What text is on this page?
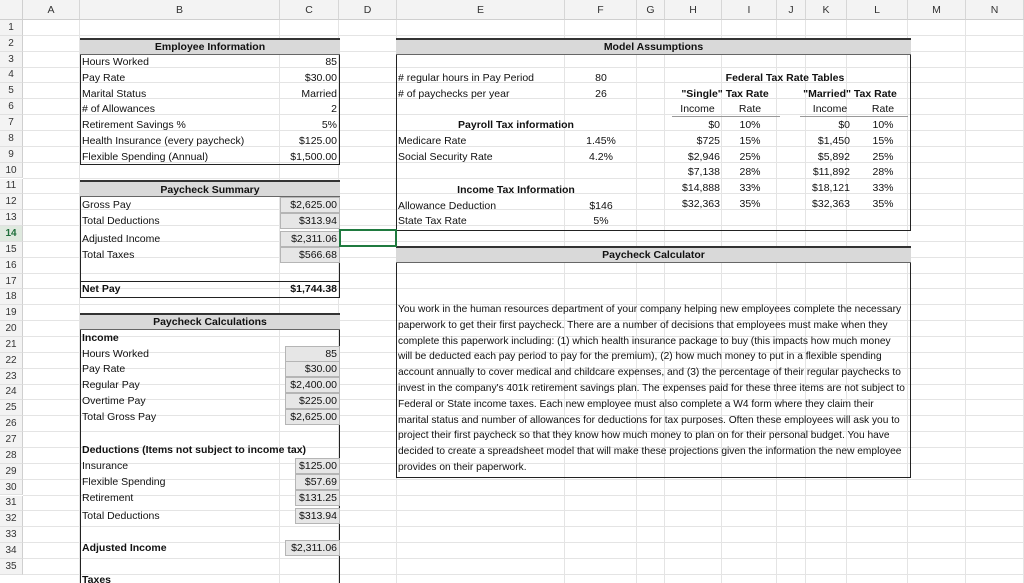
A	B	C	D	E	F	G	H	I	J	K	L	M	N
1
2
3
4
5
6
7
8
9
10
11
12
13
14
15
16
17
18
19
20
21
22
23
24
25
26
27
28
29
30
31
32
33
34
35
Employee Information
Hours Worked	85
Pay Rate	$30.00
Marital Status	Married
# of Allowances	2
Retirement Savings %	5%
Health Insurance (every paycheck)	$125.00
Flexible Spending (Annual)	$1,500.00
Paycheck Summary
Gross Pay	$2,625.00
Total Deductions	$313.94
Adjusted Income	$2,311.06
Total Taxes	$566.68
Net Pay	$1,744.38
Paycheck Calculations
Income
Hours Worked	85
Pay Rate	$30.00
Regular Pay	$2,400.00
Overtime Pay	$225.00
Total Gross Pay	$2,625.00
Deductions (Items not subject to income tax)
Insurance	$125.00
Flexible Spending	$57.69
Retirement	$131.25
Total Deductions	$313.94
Adjusted Income	$2,311.06
Taxes
Model Assumptions
# regular hours in Pay Period	80
# of paychecks per year	26
Payroll Tax information
Medicare Rate	1.45%
Social Security Rate	4.2%
Income Tax Information
Allowance Deduction	$146
State Tax Rate	5%
Federal Tax Rate Tables
"Single" Tax Rate	"Married" Tax Rate
Income	Rate	Income	Rate
$0	10%	$0	10%
$725	15%	$1,450	15%
$2,946	25%	$5,892	25%
$7,138	28%	$11,892	28%
$14,888	33%	$18,121	33%
$32,363	35%	$32,363	35%
Paycheck Calculator
You work in the human resources department of your company helping new employees complete the necessary paperwork to get their first paycheck. There are a number of decisions that employees must make when they complete this paperwork including: (1) which health insurance package to buy (this impacts how much money will be deducted each pay period to pay for the premium), (2) how much money to put in a flexible spending account annually to cover medical and childcare expenses, and (3) the percentage of their regular paychecks to invest in the company's 401k retirement savings plan. The expenses paid for these three items are not subject to Federal or State income taxes. Each new employee must also complete a W4 form where they claim their marital status and number of allowances for deductions for tax purposes. Often these employees will ask you to project their first paycheck so that they know how much money to plan on for their personal budget. You have decided to create a spreadsheet model that will make these projections given the information the new employee provides on their paperwork.
